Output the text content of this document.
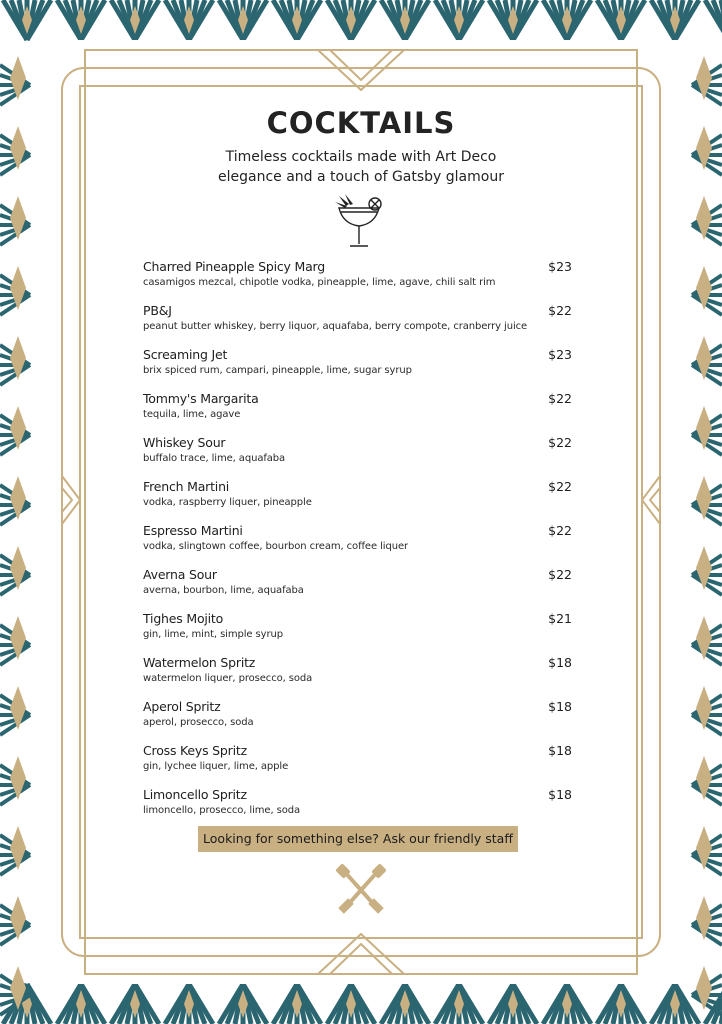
COCKTAILS
Timeless cocktails made with Art Deco
elegance and a touch of Gatsby glamour
Charred Pineapple Spicy Marg	$23
casamigos mezcal, chipotle vodka, pineapple, lime, agave, chili salt rim
PB&J	$22
peanut butter whiskey, berry liquor, aquafaba, berry compote, cranberry juice
Screaming Jet	$23
brix spiced rum, campari, pineapple, lime, sugar syrup
Tommy's Margarita	$22
tequila, lime, agave
Whiskey Sour	$22
buffalo trace, lime, aquafaba
French Martini	$22
vodka, raspberry liquer, pineapple
Espresso Martini	$22
vodka, slingtown coffee, bourbon cream, coffee liquer
Averna Sour	$22
averna, bourbon, lime, aquafaba
Tighes Mojito	$21
gin, lime, mint, simple syrup
Watermelon Spritz	$18
watermelon liquer, prosecco, soda
Aperol Spritz	$18
aperol, prosecco, soda
Cross Keys Spritz	$18
gin, lychee liquer, lime, apple
Limoncello Spritz	$18
limoncello, prosecco, lime, soda
Looking for something else? Ask our friendly staff
